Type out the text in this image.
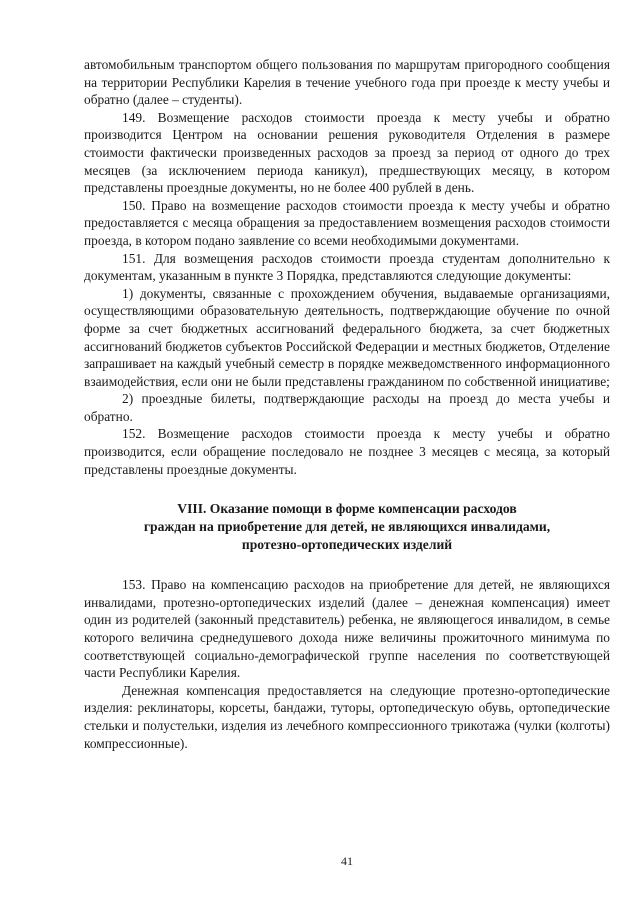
автомобильным транспортом общего пользования по маршрутам пригородного сообщения на территории Республики Карелия в течение учебного года при проезде к месту учебы и обратно (далее – студенты).

149. Возмещение расходов стоимости проезда к месту учебы и обратно производится Центром на основании решения руководителя Отделения в размере стоимости фактически произведенных расходов за проезд за период от одного до трех месяцев (за исключением периода каникул), предшествующих месяцу, в котором представлены проездные документы, но не более 400 рублей в день.

150. Право на возмещение расходов стоимости проезда к месту учебы и обратно предоставляется с месяца обращения за предоставлением возмещения расходов стоимости проезда, в котором подано заявление со всеми необходимыми документами.

151. Для возмещения расходов стоимости проезда студентам дополнительно к документам, указанным в пункте 3 Порядка, представляются следующие документы:

1) документы, связанные с прохождением обучения, выдаваемые организациями, осуществляющими образовательную деятельность, подтверждающие обучение по очной форме за счет бюджетных ассигнований федерального бюджета, за счет бюджетных ассигнований бюджетов субъектов Российской Федерации и местных бюджетов, Отделение запрашивает на каждый учебный семестр в порядке межведомственного информационного взаимодействия, если они не были представлены гражданином по собственной инициативе;

2) проездные билеты, подтверждающие расходы на проезд до места учебы и обратно.

152. Возмещение расходов стоимости проезда к месту учебы и обратно производится, если обращение последовало не позднее 3 месяцев с месяца, за который представлены проездные документы.

VIII. Оказание помощи в форме компенсации расходов
граждан на приобретение для детей, не являющихся инвалидами,
протезно-ортопедических изделий

153. Право на компенсацию расходов на приобретение для детей, не являющихся инвалидами, протезно-ортопедических изделий (далее – денежная компенсация) имеет один из родителей (законный представитель) ребенка, не являющегося инвалидом, в семье которого величина среднедушевого дохода ниже величины прожиточного минимума по соответствующей социально-демографической группе населения по соответствующей части Республики Карелия.

Денежная компенсация предоставляется на следующие протезно-ортопедические изделия: реклинаторы, корсеты, бандажи, туторы, ортопедическую обувь, ортопедические стельки и полустельки, изделия из лечебного компрессионного трикотажа (чулки (колготы) компрессионные).

41
